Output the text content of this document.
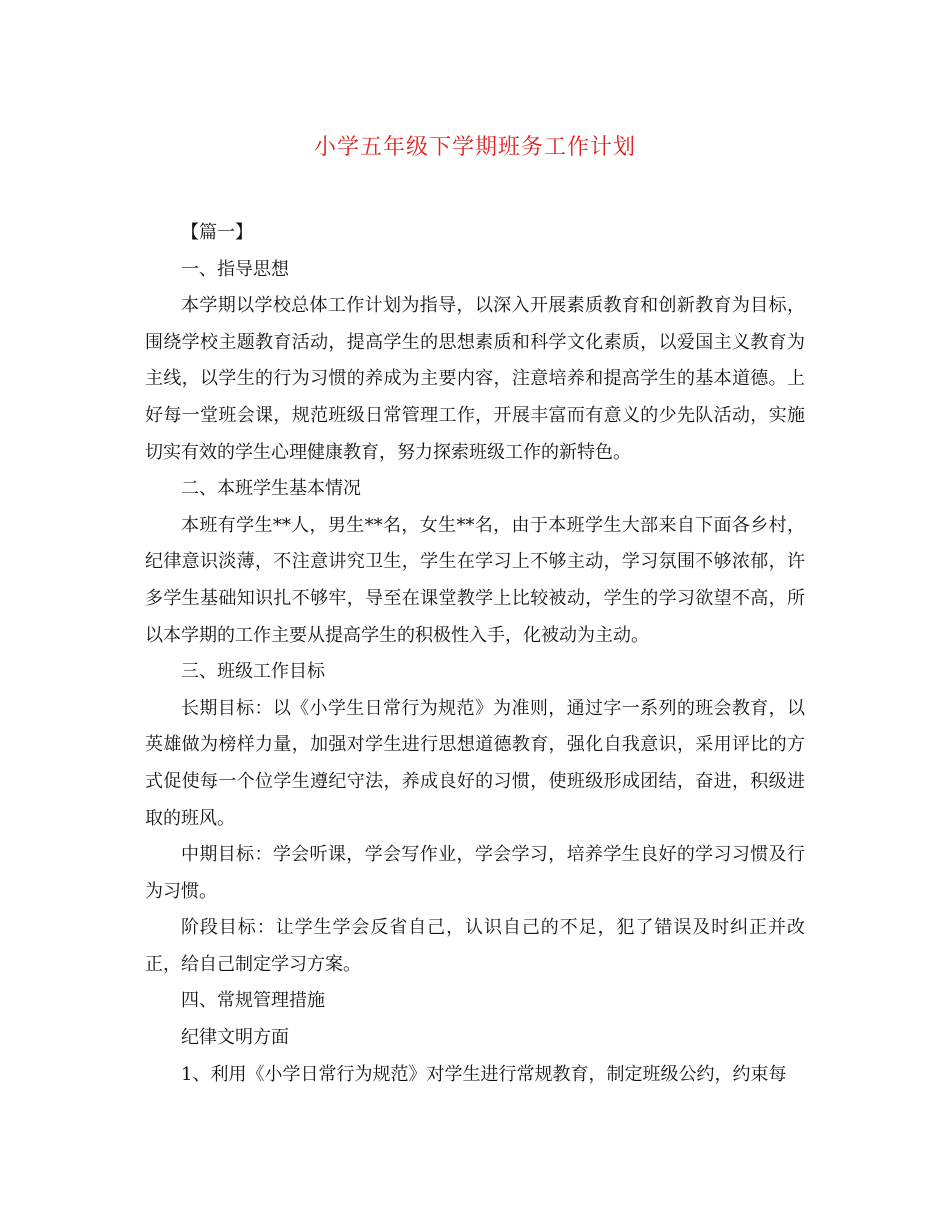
小学五年级下学期班务工作计划

【篇一】

一、指导思想

本学期以学校总体工作计划为指导，以深入开展素质教育和创新教育为目标，围绕学校主题教育活动，提高学生的思想素质和科学文化素质，以爱国主义教育为主线，以学生的行为习惯的养成为主要内容，注意培养和提高学生的基本道德。上好每一堂班会课，规范班级日常管理工作，开展丰富而有意义的少先队活动，实施切实有效的学生心理健康教育，努力探索班级工作的新特色。

二、本班学生基本情况

本班有学生**人，男生**名，女生**名，由于本班学生大部来自下面各乡村，纪律意识淡薄，不注意讲究卫生，学生在学习上不够主动，学习氛围不够浓郁，许多学生基础知识扎不够牢，导至在课堂教学上比较被动，学生的学习欲望不高，所以本学期的工作主要从提高学生的积极性入手，化被动为主动。

三、班级工作目标

长期目标：以《小学生日常行为规范》为准则，通过字一系列的班会教育，以英雄做为榜样力量，加强对学生进行思想道德教育，强化自我意识，采用评比的方式促使每一个位学生遵纪守法，养成良好的习惯，使班级形成团结，奋进，积级进取的班风。

中期目标：学会听课，学会写作业，学会学习，培养学生良好的学习习惯及行为习惯。

阶段目标：让学生学会反省自己，认识自己的不足，犯了错误及时纠正并改正，给自己制定学习方案。

四、常规管理措施

纪律文明方面

1、利用《小学日常行为规范》对学生进行常规教育，制定班级公约，约束每
